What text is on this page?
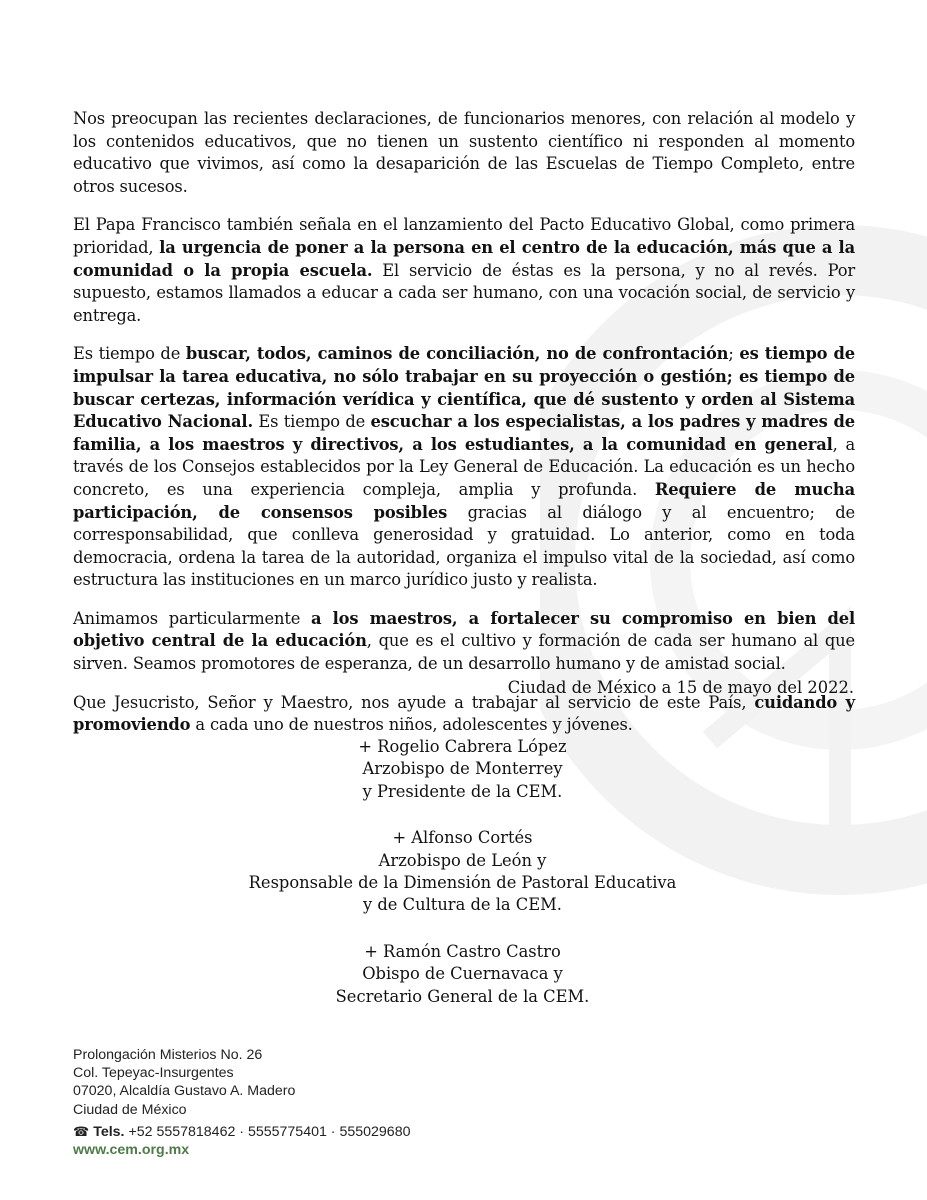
Nos preocupan las recientes declaraciones, de funcionarios menores, con relación al modelo y los contenidos educativos, que no tienen un sustento científico ni responden al momento educativo que vivimos, así como la desaparición de las Escuelas de Tiempo Completo, entre otros sucesos.

El Papa Francisco también señala en el lanzamiento del Pacto Educativo Global, como primera prioridad, la urgencia de poner a la persona en el centro de la educación, más que a la comunidad o la propia escuela. El servicio de éstas es la persona, y no al revés. Por supuesto, estamos llamados a educar a cada ser humano, con una vocación social, de servicio y entrega.

Es tiempo de buscar, todos, caminos de conciliación, no de confrontación; es tiempo de impulsar la tarea educativa, no sólo trabajar en su proyección o gestión; es tiempo de buscar certezas, información verídica y científica, que dé sustento y orden al Sistema Educativo Nacional. Es tiempo de escuchar a los especialistas, a los padres y madres de familia, a los maestros y directivos, a los estudiantes, a la comunidad en general, a través de los Consejos establecidos por la Ley General de Educación. La educación es un hecho concreto, es una experiencia compleja, amplia y profunda. Requiere de mucha participación, de consensos posibles gracias al diálogo y al encuentro; de corresponsabilidad, que conlleva generosidad y gratuidad. Lo anterior, como en toda democracia, ordena la tarea de la autoridad, organiza el impulso vital de la sociedad, así como estructura las instituciones en un marco jurídico justo y realista.

Animamos particularmente a los maestros, a fortalecer su compromiso en bien del objetivo central de la educación, que es el cultivo y formación de cada ser humano al que sirven. Seamos promotores de esperanza, de un desarrollo humano y de amistad social.

Que Jesucristo, Señor y Maestro, nos ayude a trabajar al servicio de este País, cuidando y promoviendo a cada uno de nuestros niños, adolescentes y jóvenes.

Ciudad de México a 15 de mayo del 2022.
+ Rogelio Cabrera López
Arzobispo de Monterrey
y Presidente de la CEM.
+ Alfonso Cortés
Arzobispo de León y
Responsable de la Dimensión de Pastoral Educativa
y de Cultura de la CEM.
+ Ramón Castro Castro
Obispo de Cuernavaca y
Secretario General de la CEM.
Prolongación Misterios No. 26
Col. Tepeyac-Insurgentes
07020, Alcaldía Gustavo A. Madero
Ciudad de México
☎ Tels. +52 5557818462 · 5555775401 · 555029680
www.cem.org.mx
